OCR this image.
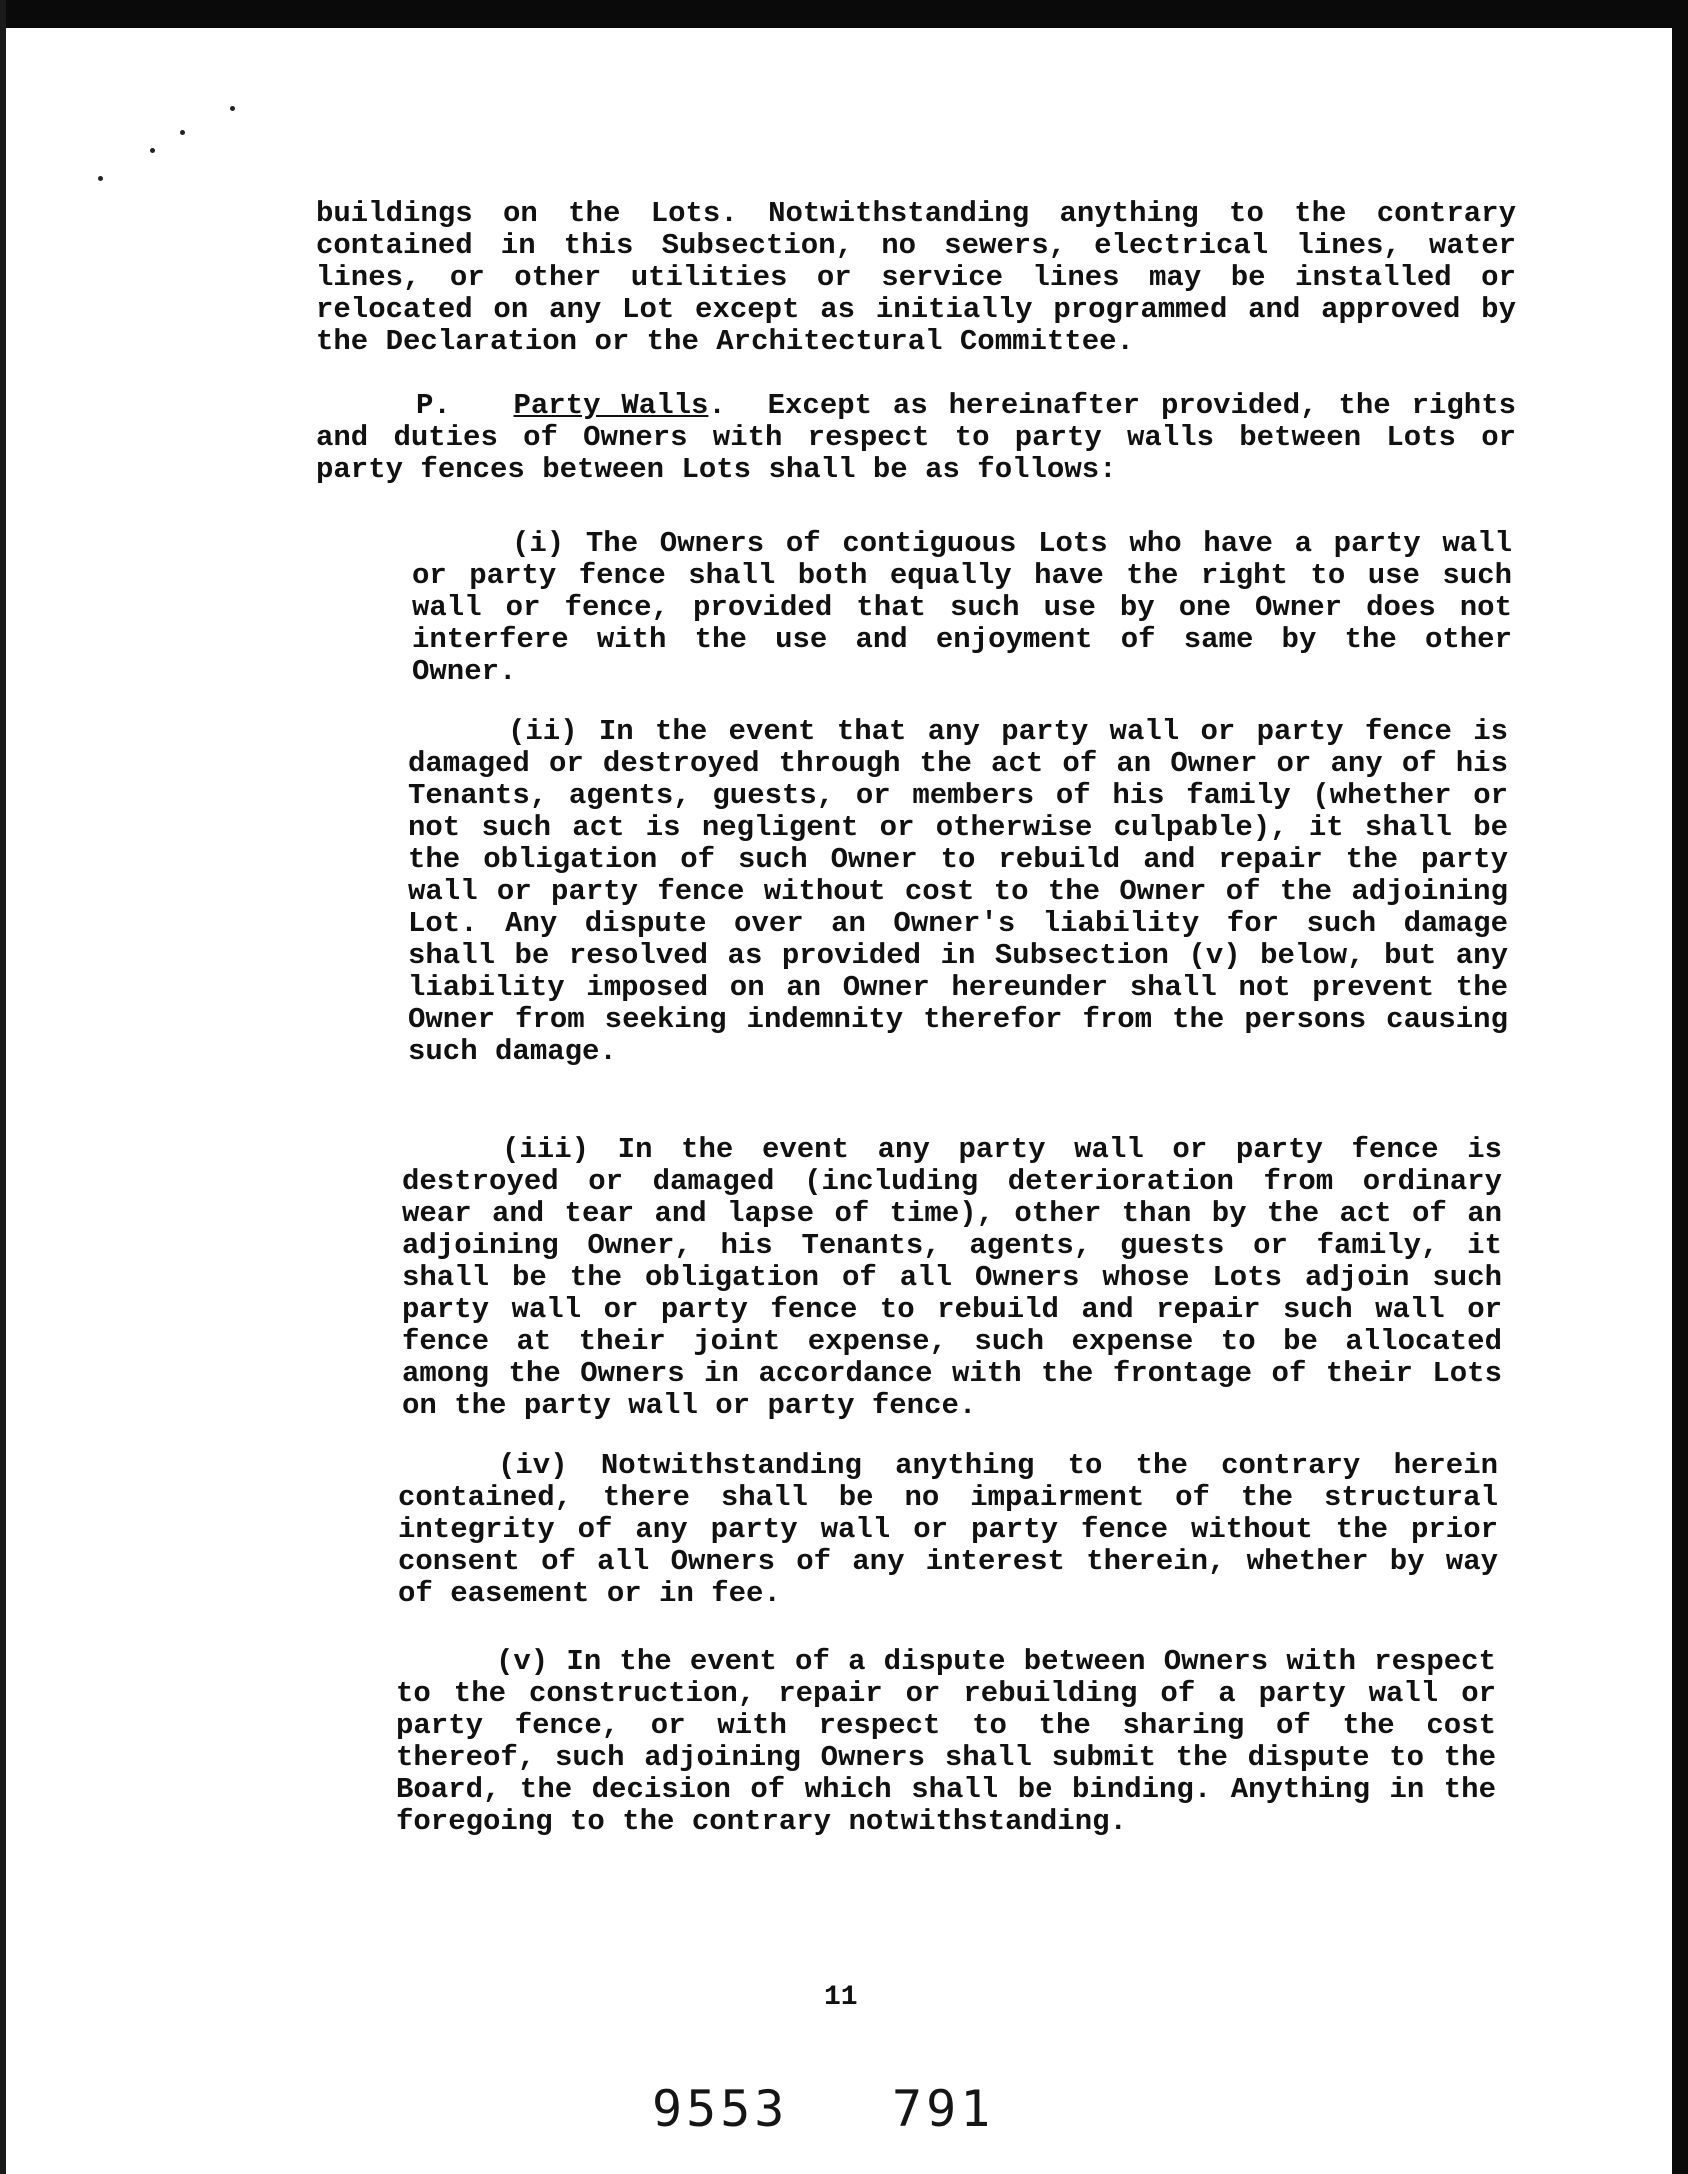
buildings on the Lots. Notwithstanding anything to the contrary contained in this Subsection, no sewers, electrical lines, water lines, or other utilities or service lines may be installed or relocated on any Lot except as initially programmed and approved by the Declaration or the Architectural Committee.

P. Party Walls.  Except as hereinafter provided, the rights and duties of Owners with respect to party walls between Lots or party fences between Lots shall be as follows:

(i) The Owners of contiguous Lots who have a party wall or party fence shall both equally have the right to use such wall or fence, provided that such use by one Owner does not interfere with the use and enjoyment of same by the other Owner.
(ii) In the event that any party wall or party fence is damaged or destroyed through the act of an Owner or any of his Tenants, agents, guests, or members of his family (whether or not such act is negligent or otherwise culpable), it shall be the obligation of such Owner to rebuild and repair the party wall or party fence without cost to the Owner of the adjoining Lot. Any dispute over an Owner's liability for such damage shall be resolved as provided in Subsection (v) below, but any liability imposed on an Owner hereunder shall not prevent the Owner from seeking indemnity therefor from the persons causing such damage.
(iii) In the event any party wall or party fence is destroyed or damaged (including deterioration from ordinary wear and tear and lapse of time), other than by the act of an adjoining Owner, his Tenants, agents, guests or family, it shall be the obligation of all Owners whose Lots adjoin such party wall or party fence to rebuild and repair such wall or fence at their joint expense, such expense to be allocated among the Owners in accordance with the frontage of their Lots on the party wall or party fence.
(iv) Notwithstanding anything to the contrary herein contained, there shall be no impairment of the structural integrity of any party wall or party fence without the prior consent of all Owners of any interest therein, whether by way of easement or in fee.
(v) In the event of a dispute between Owners with respect to the construction, repair or rebuilding of a party wall or party fence, or with respect to the sharing of the cost thereof, such adjoining Owners shall submit the dispute to the Board, the decision of which shall be binding. Anything in the foregoing to the contrary notwithstanding.
11
9553 791
